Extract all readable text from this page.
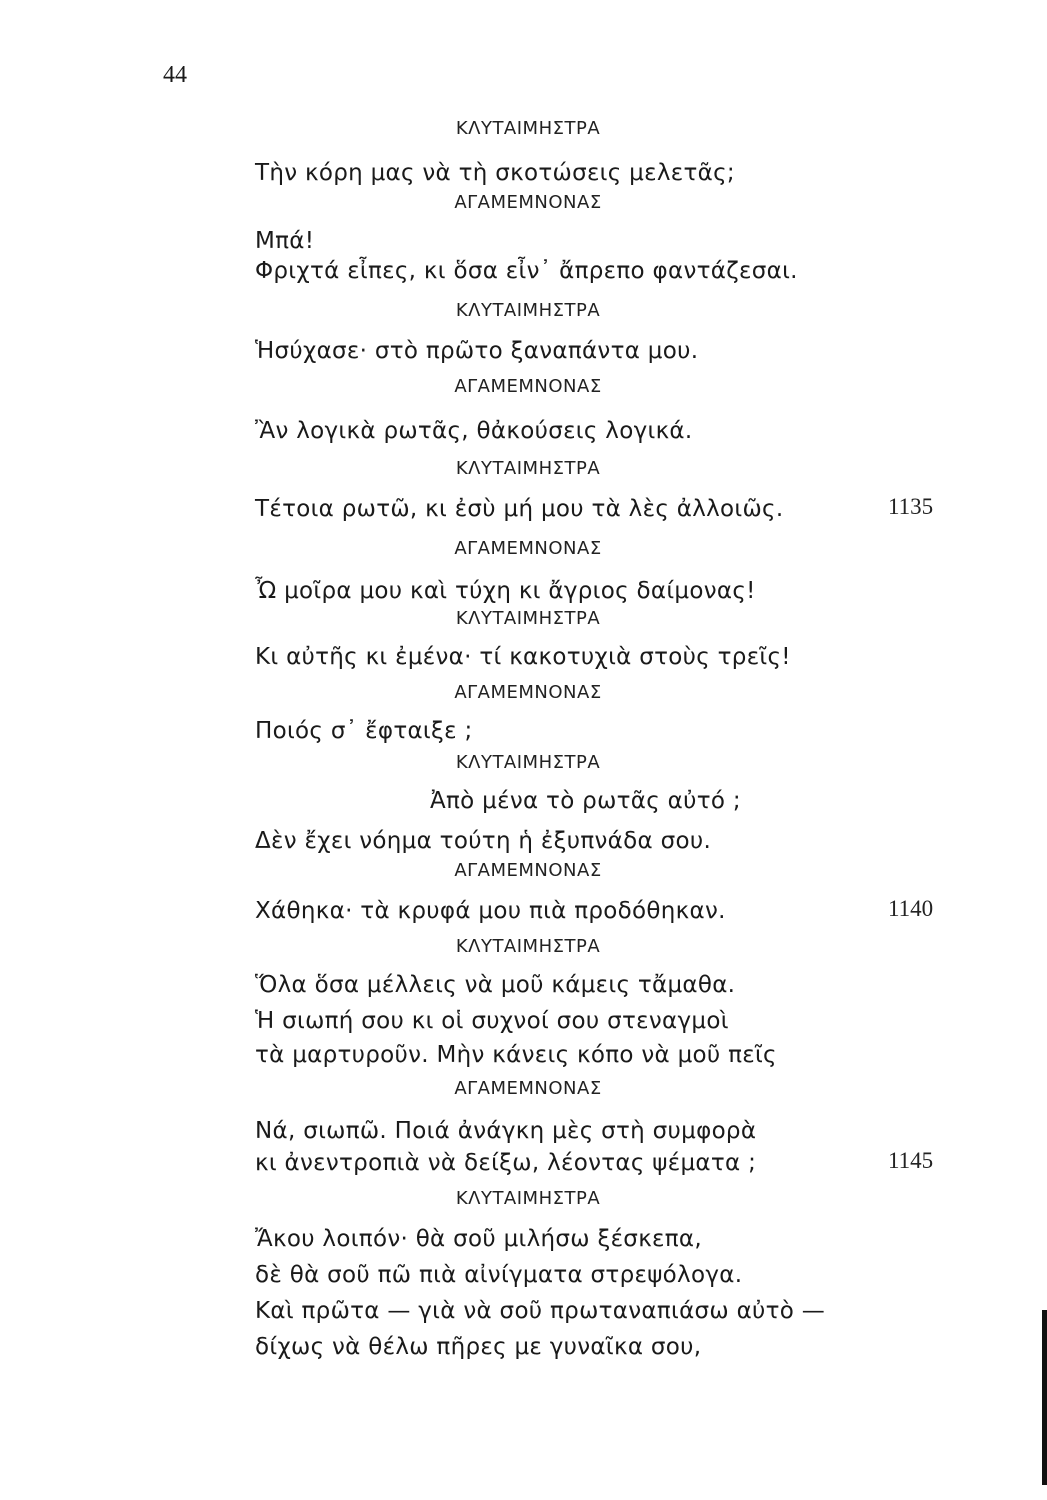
44
ΚΛΥΤΑΙΜΗΣΤΡΑ
Τὴν κόρη μας νὰ τὴ σκοτώσεις μελετᾶς;
ΑΓΑΜΕΜΝΟΝΑΣ
Μπά!
Φριχτά εἶπες, κι ὅσα εἶν᾽ ἄπρεπο φαντάζεσαι.
ΚΛΥΤΑΙΜΗΣΤΡΑ
Ἡσύχασε· στὸ πρῶτο ξαναπάντα μου.
ΑΓΑΜΕΜΝΟΝΑΣ
Ἂν λογικὰ ρωτᾶς, θἀκούσεις λογικά.
ΚΛΥΤΑΙΜΗΣΤΡΑ
Τέτοια ρωτῶ, κι ἐσὺ μή μου τὰ λὲς ἀλλοιῶς.	1135
ΑΓΑΜΕΜΝΟΝΑΣ
Ὦ μοῖρα μου καὶ τύχη κι ἄγριος δαίμονας!
ΚΛΥΤΑΙΜΗΣΤΡΑ
Κι αὐτῆς κι ἐμένα· τί κακοτυχιὰ στοὺς τρεῖς!
ΑΓΑΜΕΜΝΟΝΑΣ
Ποιός σ᾽ ἔφταιξε ;
ΚΛΥΤΑΙΜΗΣΤΡΑ
Ἀπὸ μένα τὸ ρωτᾶς αὐτό ;
Δὲν ἔχει νόημα τούτη ἡ ἐξυπνάδα σου.
ΑΓΑΜΕΜΝΟΝΑΣ
Χάθηκα· τὰ κρυφά μου πιὰ προδόθηκαν.	1140
ΚΛΥΤΑΙΜΗΣΤΡΑ
Ὅλα ὅσα μέλλεις νὰ μοῦ κάμεις τἄμαθα.
Ἡ σιωπή σου κι οἱ συχνοί σου στεναγμοὶ
τὰ μαρτυροῦν. Μὴν κάνεις κόπο νὰ μοῦ πεῖς
ΑΓΑΜΕΜΝΟΝΑΣ
Νά, σιωπῶ. Ποιά ἀνάγκη μὲς στὴ συμφορὰ
κι ἀνεντροπιὰ νὰ δείξω, λέοντας ψέματα ;	1145
ΚΛΥΤΑΙΜΗΣΤΡΑ
Ἄκου λοιπόν· θὰ σοῦ μιλήσω ξέσκεπα,
δὲ θὰ σοῦ πῶ πιὰ αἰνίγματα στρεψόλογα.
Καὶ πρῶτα — γιὰ νὰ σοῦ πρωταναπιάσω αὐτὸ —
δίχως νὰ θέλω πῆρες με γυναῖκα σου,
